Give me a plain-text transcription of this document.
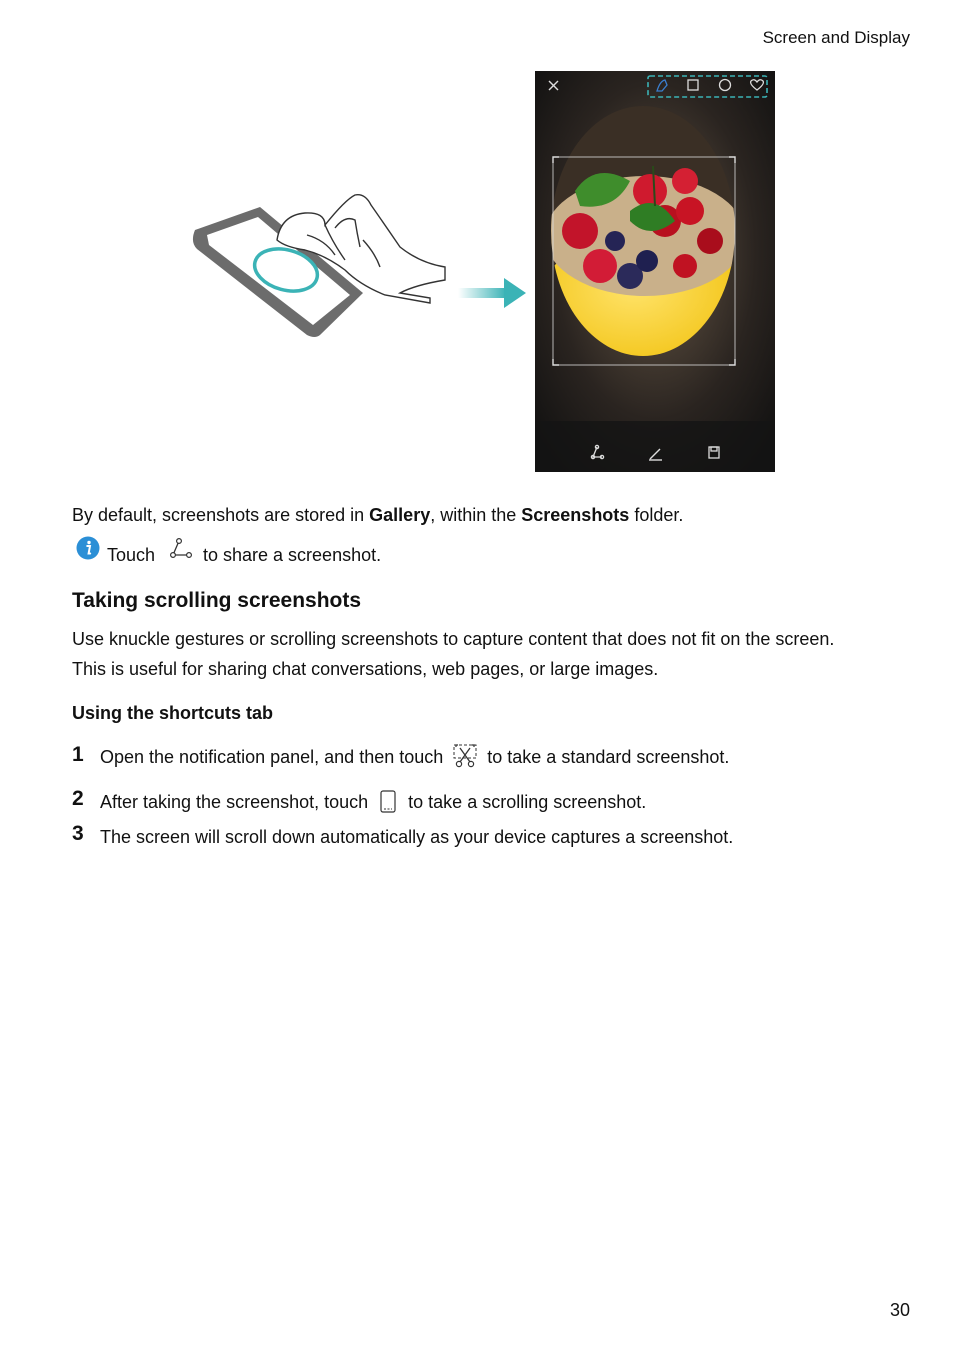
Screen and Display
By default, screenshots are stored in Gallery, within the Screenshots folder.
Touch	to share a screenshot.
Taking scrolling screenshots
Use knuckle gestures or scrolling screenshots to capture content that does not fit on the screen.
This is useful for sharing chat conversations, web pages, or large images.
Using the shortcuts tab
1 Open the notification panel, and then touch to take a standard screenshot.
2 After taking the screenshot, touch to take a scrolling screenshot.
3 The screen will scroll down automatically as your device captures a screenshot.
30
